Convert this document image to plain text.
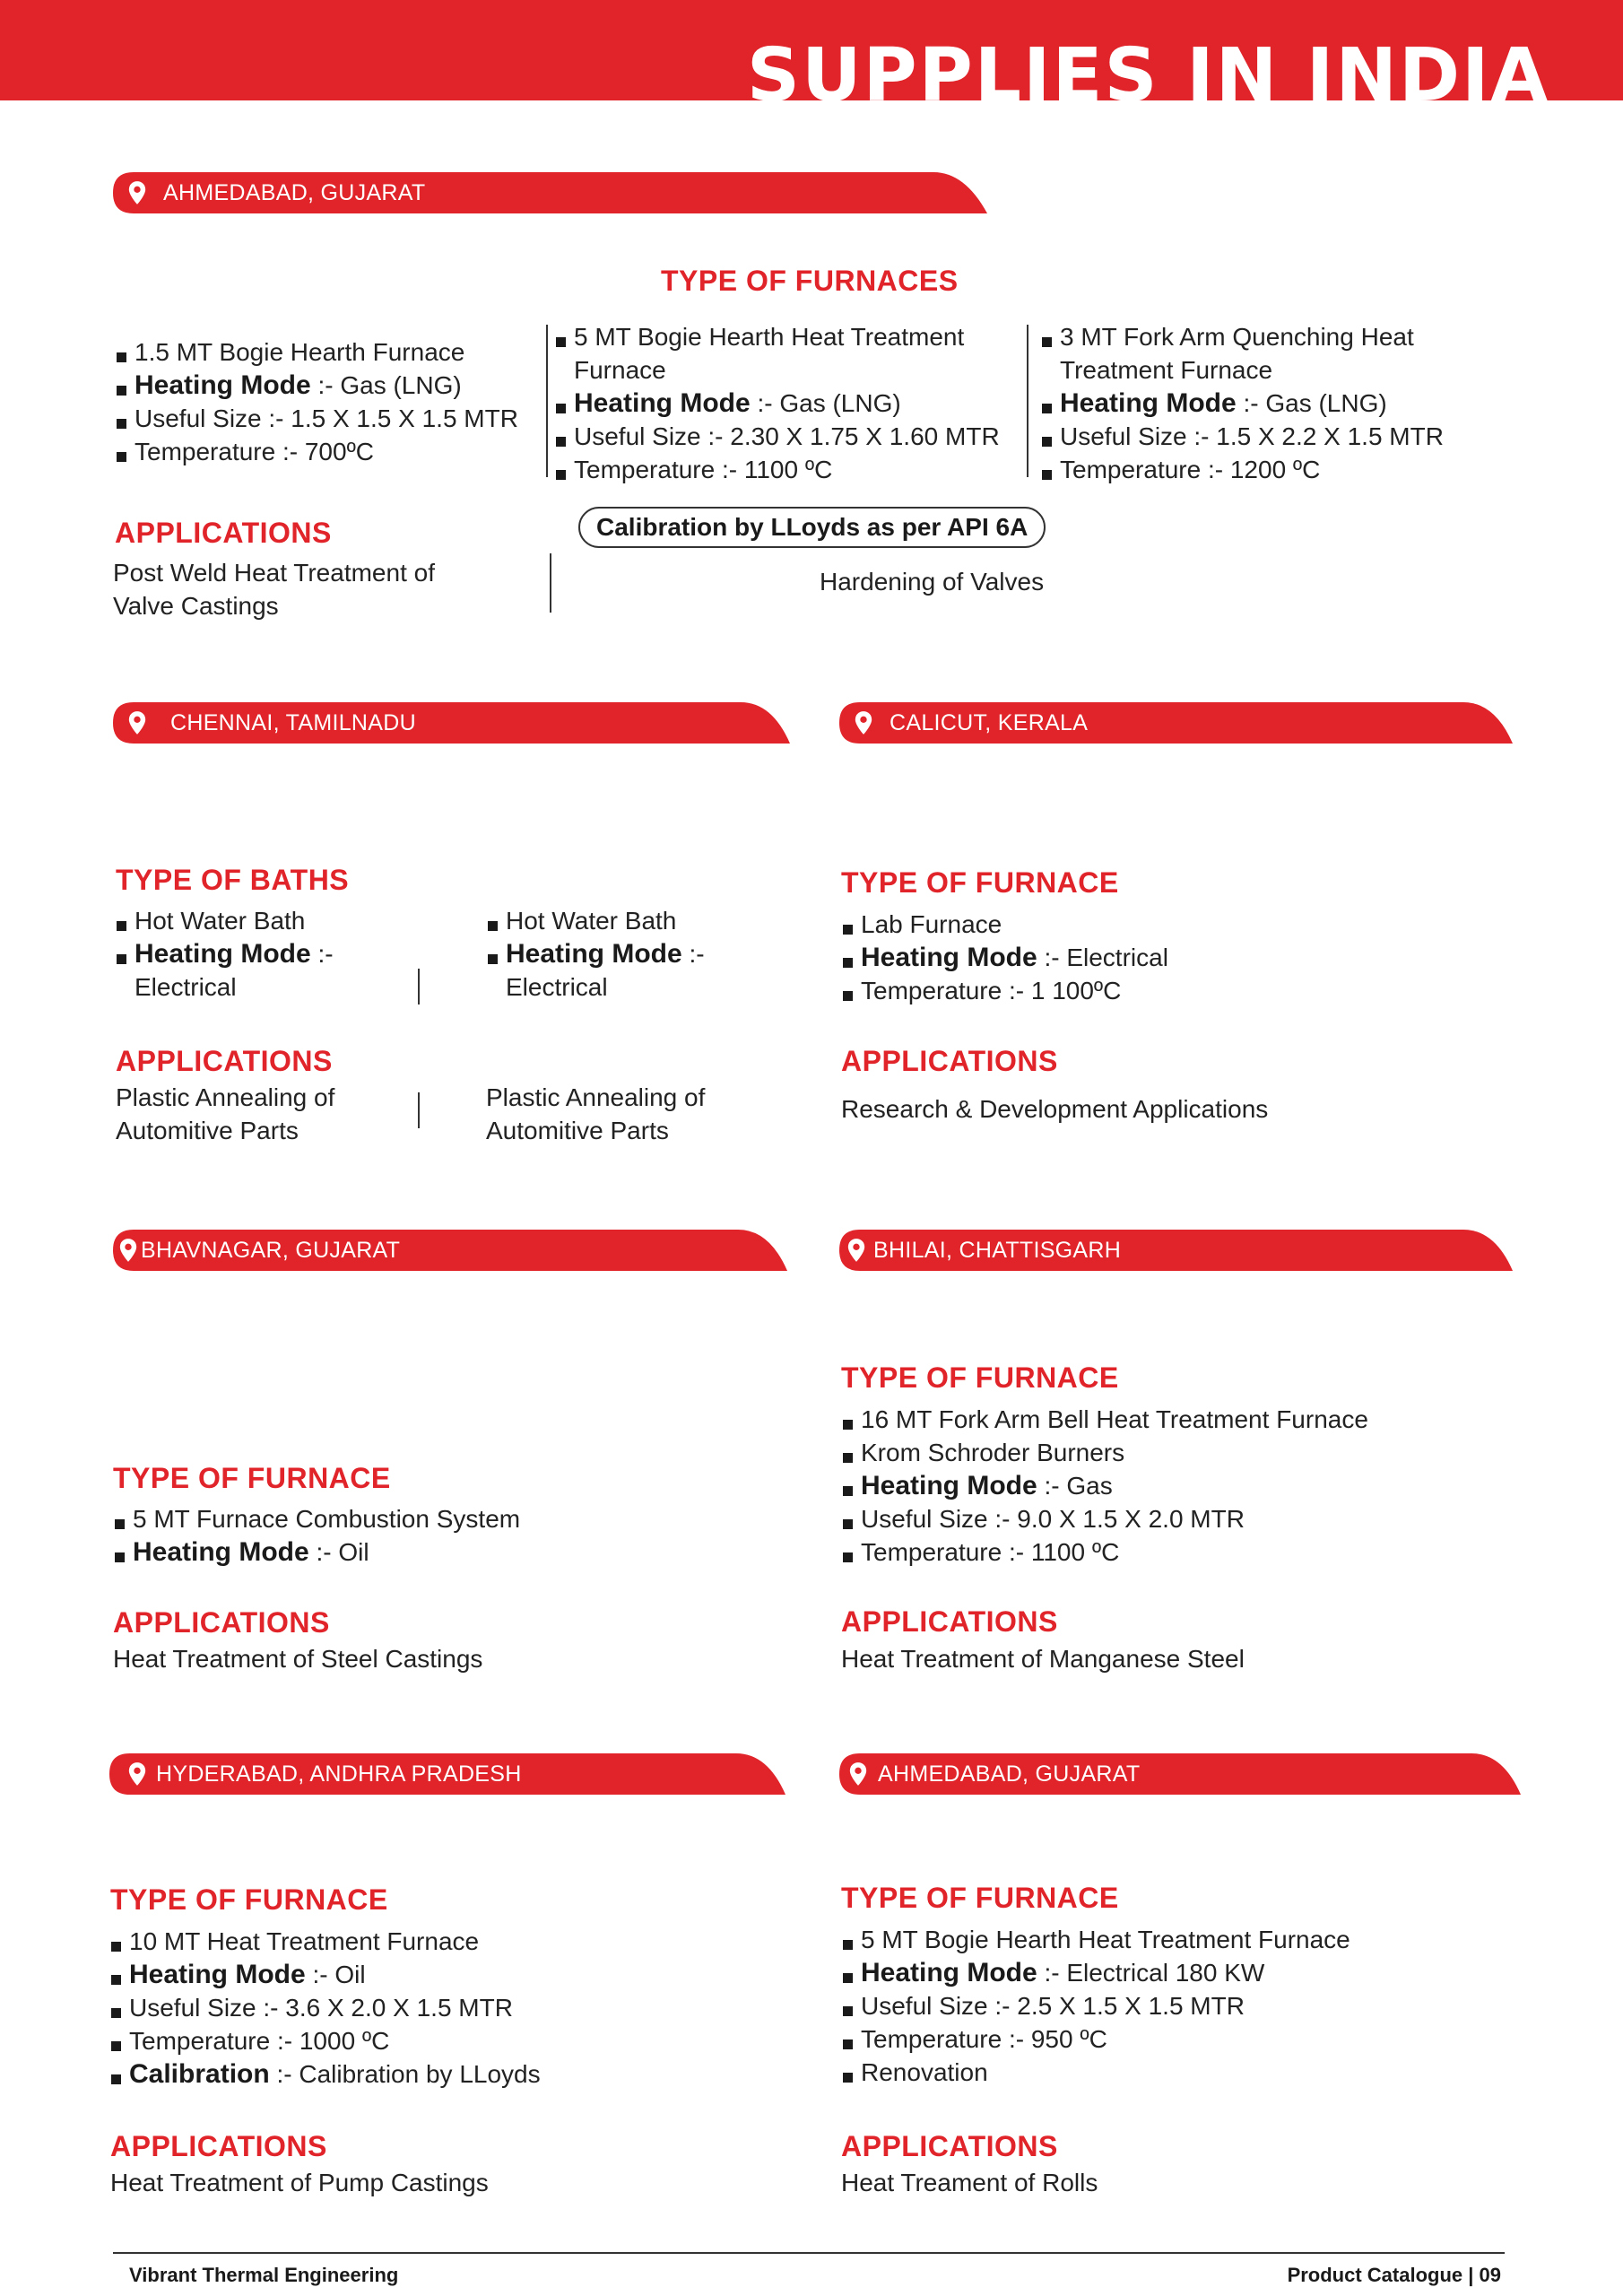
SUPPLIES IN INDIA
AHMEDABAD, GUJARAT
TYPE OF FURNACES
1.5 MT Bogie Hearth Furnace
Heating Mode :- Gas (LNG)
Useful Size :- 1.5 X 1.5 X 1.5 MTR
Temperature :- 700ºC
5 MT Bogie Hearth Heat Treatment
Furnace
Heating Mode :- Gas (LNG)
Useful Size :- 2.30 X 1.75 X 1.60 MTR
Temperature :- 1100 ºC
3 MT Fork Arm Quenching Heat
Treatment Furnace
Heating Mode :- Gas (LNG)
Useful Size :- 1.5 X 2.2 X 1.5 MTR
Temperature :- 1200 ºC
APPLICATIONS	Calibration by LLoyds as per API 6A
Post Weld Heat Treatment of
Valve Castings
Hardening of Valves
CHENNAI, TAMILNADU
TYPE OF BATHS
Hot Water Bath
Heating Mode :-
Electrical
Hot Water Bath
Heating Mode :-
Electrical
APPLICATIONS
Plastic Annealing of
Automitive Parts
Plastic Annealing of
Automitive Parts
CALICUT, KERALA
TYPE OF FURNACE
Lab Furnace
Heating Mode :- Electrical
Temperature :- 1 100ºC
APPLICATIONS
Research & Development Applications
BHAVNAGAR, GUJARAT
TYPE OF FURNACE
5 MT Furnace Combustion System
Heating Mode :- Oil
APPLICATIONS
Heat Treatment of Steel Castings
BHILAI, CHATTISGARH
TYPE OF FURNACE
16 MT Fork Arm Bell Heat Treatment Furnace
Krom Schroder Burners
Heating Mode :- Gas
Useful Size :- 9.0 X 1.5 X 2.0 MTR
Temperature :- 1100 ºC
APPLICATIONS
Heat Treatment of Manganese Steel
HYDERABAD, ANDHRA PRADESH
TYPE OF FURNACE
10 MT Heat Treatment Furnace
Heating Mode :- Oil
Useful Size :- 3.6 X 2.0 X 1.5 MTR
Temperature :- 1000 ºC
Calibration :- Calibration by LLoyds
APPLICATIONS
Heat Treatment of Pump Castings
AHMEDABAD, GUJARAT
TYPE OF FURNACE
5 MT Bogie Hearth Heat Treatment Furnace
Heating Mode :- Electrical 180 KW
Useful Size :- 2.5 X 1.5 X 1.5 MTR
Temperature :- 950 ºC
Renovation
APPLICATIONS
Heat Treament of Rolls
Vibrant Thermal Engineering	Product Catalogue | 09
